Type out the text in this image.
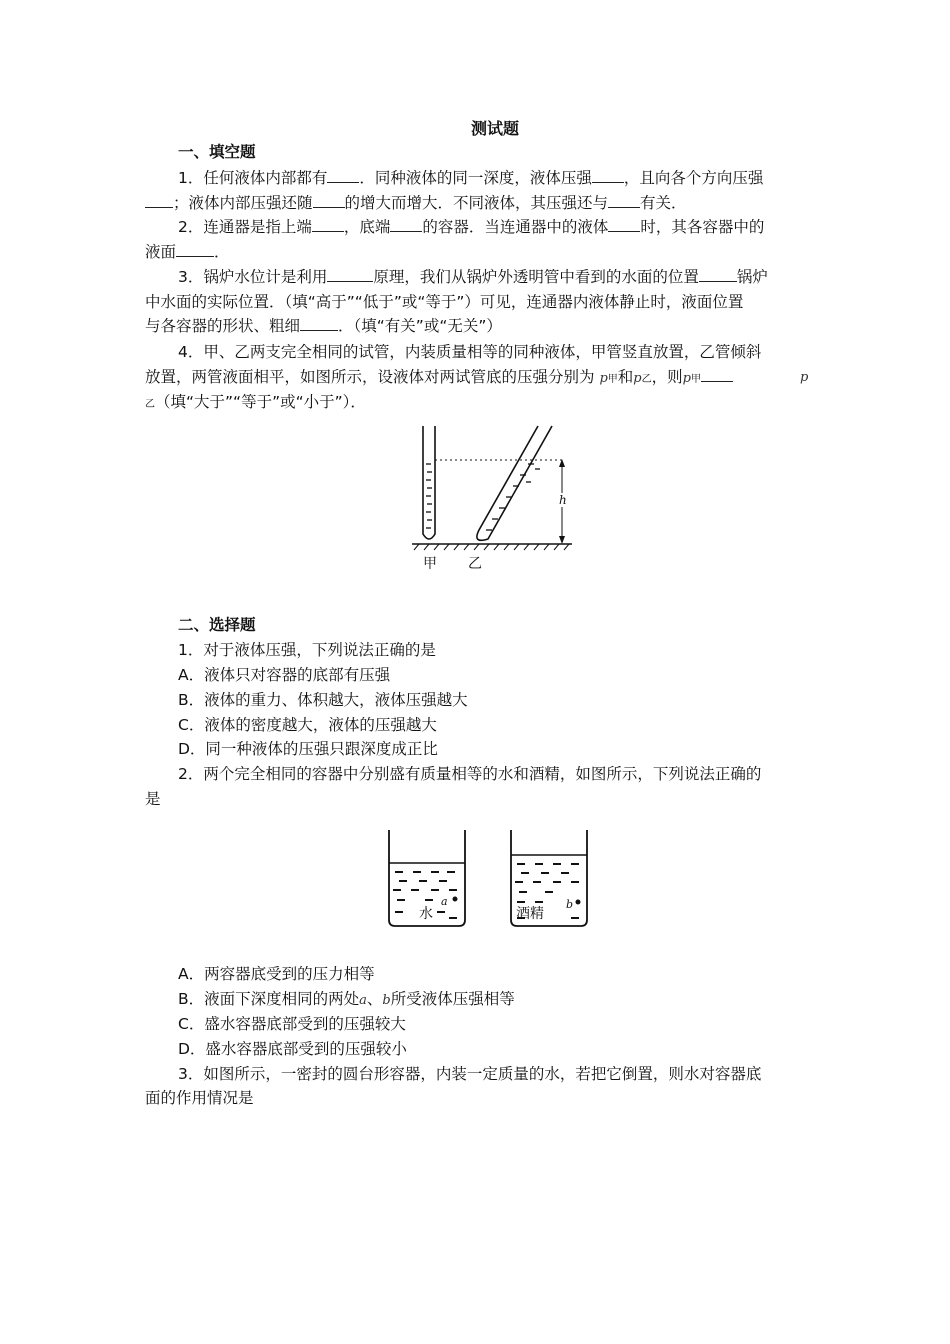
测试题
一、填空题
1．任何液体内部都有 ．同种液体的同一深度，液体压强 ，且向各个方向压强
；液体内部压强还随 的增大而增大．不同液体，其压强还与 有关．
2．连通器是指上端 ，底端 的容器．当连通器中的液体 时，其各容器中的
液面 ．
3．锅炉水位计是利用	原理，我们从锅炉外透明管中看到的水面的位置 锅炉
中水面的实际位置．（填“高于”“低于”或“等于”）可见，连通器内液体静止时，液面位置
与各容器的形状、粗细 ．（填“有关”或“无关”）
4．甲、乙两支完全相同的试管，内装质量相等的同种液体，甲管竖直放置，乙管倾斜
放置，两管液面相平，如图所示，设液体对两试管底的压强分别为 p甲和p乙，则p甲	p
乙（填“大于”“等于”或“小于”）．
h
甲 乙
二、选择题
1．对于液体压强，下列说法正确的是
A．液体只对容器的底部有压强
B．液体的重力、体积越大，液体压强越大
C．液体的密度越大，液体的压强越大
D．同一种液体的压强只跟深度成正比
2．两个完全相同的容器中分别盛有质量相等的水和酒精，如图所示，下列说法正确的
是
水
a
酒精
b
A．两容器底受到的压力相等
B．液面下深度相同的两处a、b所受液体压强相等
C．盛水容器底部受到的压强较大
D．盛水容器底部受到的压强较小
3．如图所示，一密封的圆台形容器，内装一定质量的水，若把它倒置，则水对容器底
面的作用情况是
